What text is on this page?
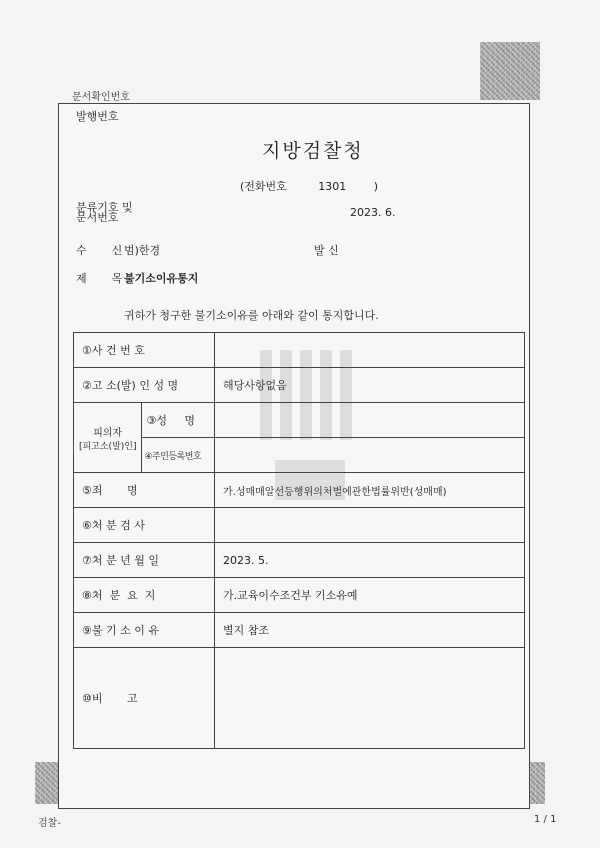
문서확인번호
발행번호
지방검찰청
(전화번호	1301	)
분류기호 및
문서번호	2023. 6.
수  신
범)한경	발 신
제  목
불기소이유통지
귀하가 청구한 불기소이유를 아래와 같이 통지합니다.
①사 건 번 호		
②고 소(발) 인 성 명		해당사항없음

피의자
[피고소(발)인]	③성     명	
	④주민등록번호	
⑤죄       명		가.성매매알선등행위의처벌에관한법률위반(성매매)
⑥처 분 검 사		
⑦처 분 년 월 일		2023. 5.
⑧처  분  요  지		가.교육이수조건부 기소유예
⑨불 기 소 이 유		별지 참조
⑩비       고		
검찰-	1 / 1
